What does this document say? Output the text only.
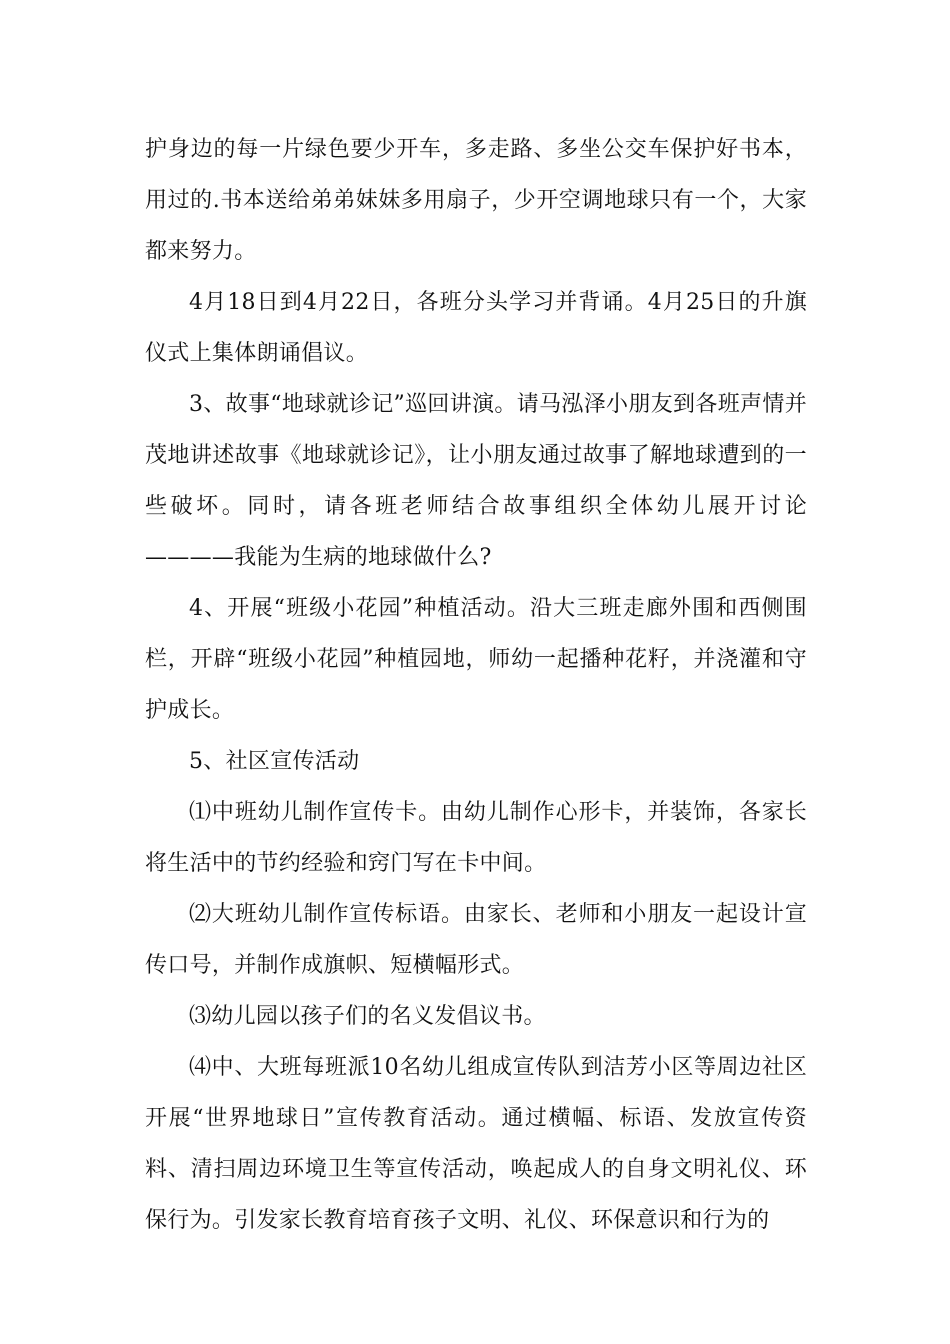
护身边的每一片绿色要少开车，多走路、多坐公交车保护好书本，用过的.书本送给弟弟妹妹多用扇子，少开空调地球只有一个，大家都来努力。

4月18日到4月22日，各班分头学习并背诵。4月25日的升旗仪式上集体朗诵倡议。

3、故事“地球就诊记”巡回讲演。请马泓泽小朋友到各班声情并茂地讲述故事《地球就诊记》，让小朋友通过故事了解地球遭到的一些破坏。同时，请各班老师结合故事组织全体幼儿展开讨论————我能为生病的地球做什么?

4、开展“班级小花园”种植活动。沿大三班走廊外围和西侧围栏，开辟“班级小花园”种植园地，师幼一起播种花籽，并浇灌和守护成长。

5、社区宣传活动

⑴中班幼儿制作宣传卡。由幼儿制作心形卡，并装饰，各家长将生活中的节约经验和窍门写在卡中间。

⑵大班幼儿制作宣传标语。由家长、老师和小朋友一起设计宣传口号，并制作成旗帜、短横幅形式。

⑶幼儿园以孩子们的名义发倡议书。

⑷中、大班每班派10名幼儿组成宣传队到洁芳小区等周边社区开展“世界地球日”宣传教育活动。通过横幅、标语、发放宣传资料、清扫周边环境卫生等宣传活动，唤起成人的自身文明礼仪、环保行为。引发家长教育培育孩子文明、礼仪、环保意识和行为的
